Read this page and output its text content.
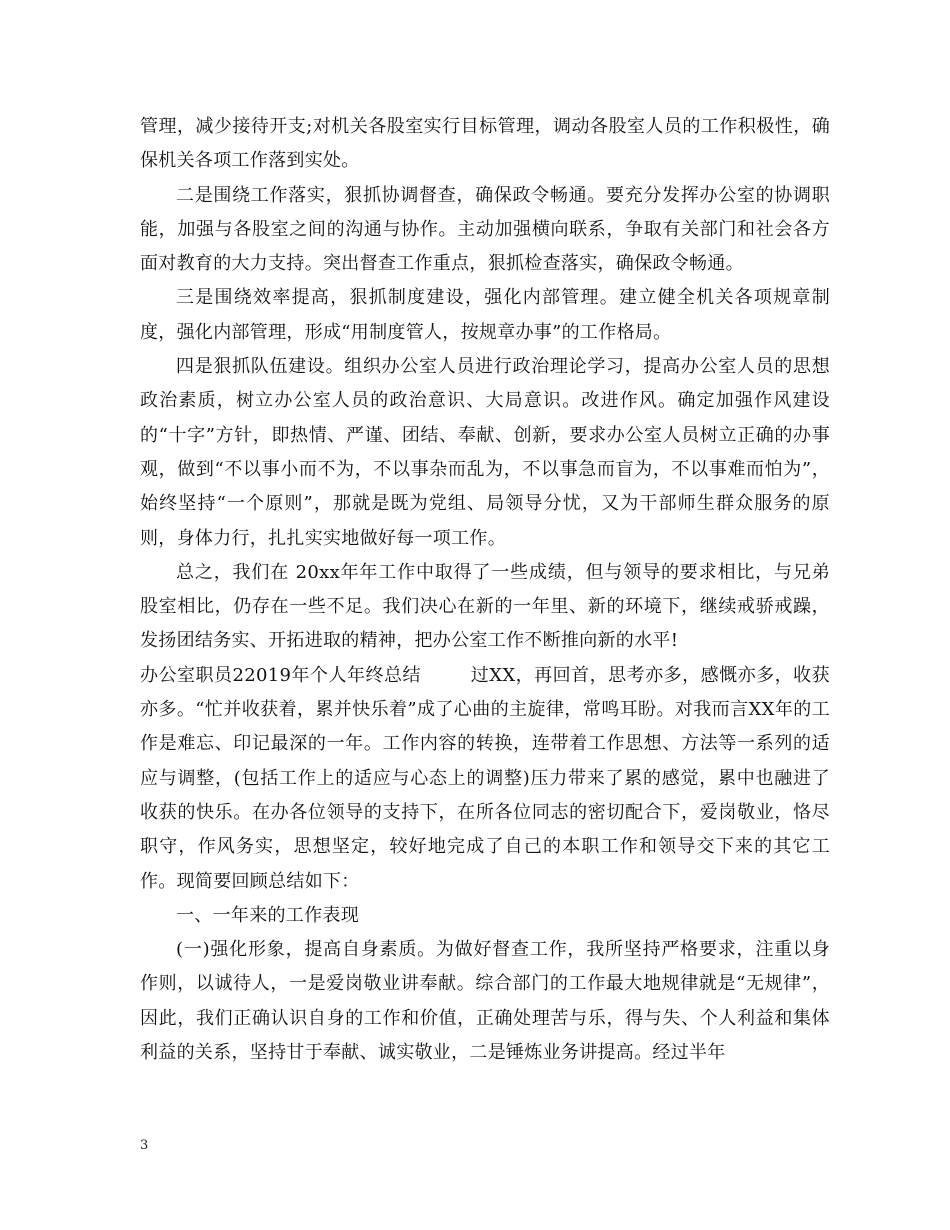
管理，减少接待开支;对机关各股室实行目标管理，调动各股室人员的工作积极性，确保机关各项工作落到实处。

二是围绕工作落实，狠抓协调督查，确保政令畅通。要充分发挥办公室的协调职能，加强与各股室之间的沟通与协作。主动加强横向联系，争取有关部门和社会各方面对教育的大力支持。突出督查工作重点，狠抓检查落实，确保政令畅通。

三是围绕效率提高，狠抓制度建设，强化内部管理。建立健全机关各项规章制度，强化内部管理，形成“用制度管人，按规章办事”的工作格局。

四是狠抓队伍建设。组织办公室人员进行政治理论学习，提高办公室人员的思想政治素质，树立办公室人员的政治意识、大局意识。改进作风。确定加强作风建设的“十字”方针，即热情、严谨、团结、奉献、创新，要求办公室人员树立正确的办事观，做到“不以事小而不为，不以事杂而乱为，不以事急而盲为，不以事难而怕为”，始终坚持“一个原则”，那就是既为党组、局领导分忧，又为干部师生群众服务的原则，身体力行，扎扎实实地做好每一项工作。

总之，我们在 20xx年年工作中取得了一些成绩，但与领导的要求相比，与兄弟股室相比，仍存在一些不足。我们决心在新的一年里、新的环境下，继续戒骄戒躁，发扬团结务实、开拓进取的精神，把办公室工作不断推向新的水平!

办公室职员22019年个人年终总结	过XX，再回首，思考亦多，感慨亦多，收获亦多。“忙并收获着，累并快乐着”成了心曲的主旋律，常鸣耳盼。对我而言XX年的工作是难忘、印记最深的一年。工作内容的转换，连带着工作思想、方法等一系列的适应与调整，(包括工作上的适应与心态上的调整)压力带来了累的感觉，累中也融进了收获的快乐。在办各位领导的支持下，在所各位同志的密切配合下，爱岗敬业，恪尽职守，作风务实，思想坚定，较好地完成了自己的本职工作和领导交下来的其它工作。现简要回顾总结如下：

一、一年来的工作表现

(一)强化形象，提高自身素质。为做好督查工作，我所坚持严格要求，注重以身作则，以诚待人，一是爱岗敬业讲奉献。综合部门的工作最大地规律就是“无规律”，因此，我们正确认识自身的工作和价值，正确处理苦与乐，得与失、个人利益和集体利益的关系，坚持甘于奉献、诚实敬业，二是锤炼业务讲提高。经过半年

3
